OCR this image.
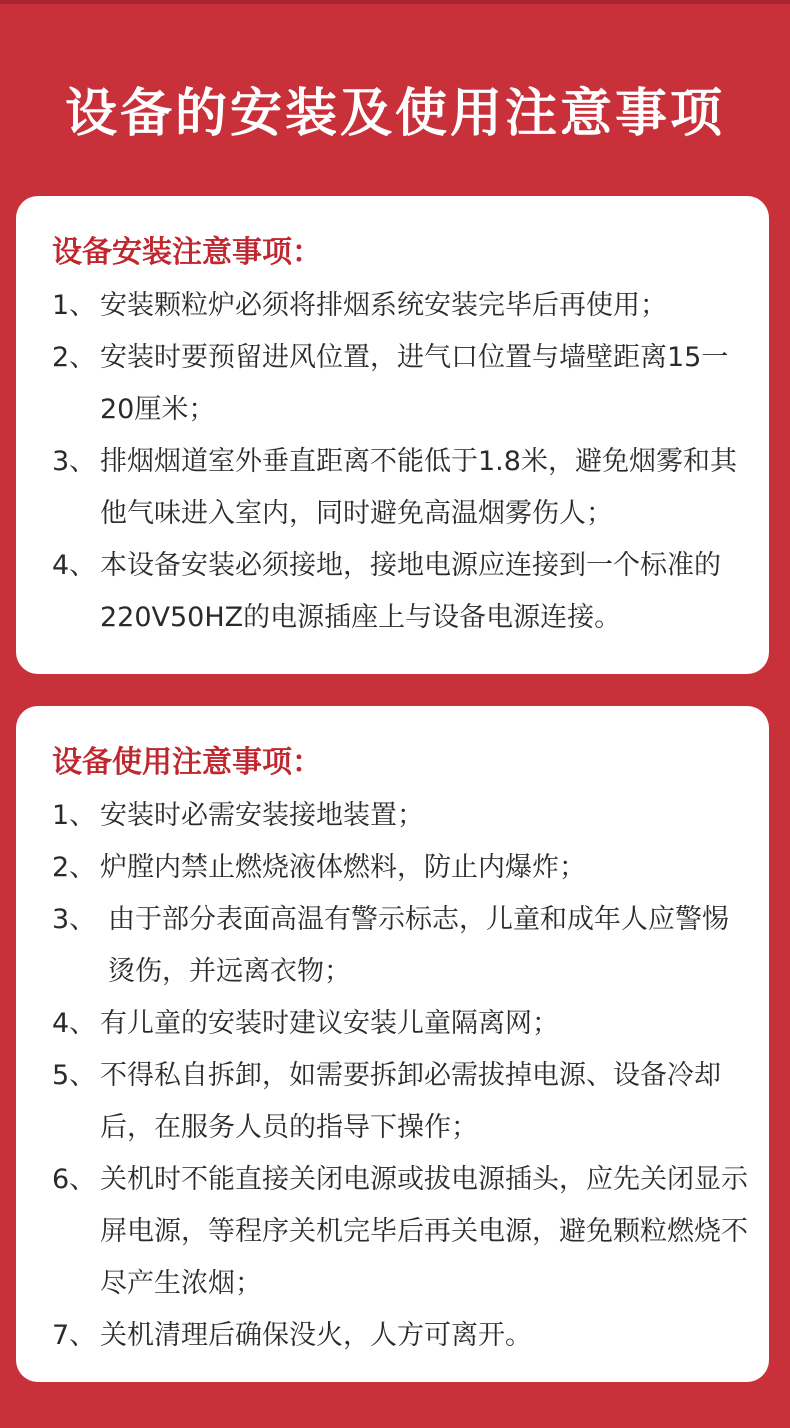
设备的安装及使用注意事项
设备安装注意事项：
1、 安装颗粒炉必须将排烟系统安装完毕后再使用；
2、 安装时要预留进风位置，进气口位置与墙壁距离15一20厘米；
3、 排烟烟道室外垂直距离不能低于1.8米，避免烟雾和其他气味进入室内，同时避免高温烟雾伤人；
4、 本设备安装必须接地，接地电源应连接到一个标准的220V50HZ的电源插座上与设备电源连接。
设备使用注意事项：
1、 安装时必需安装接地装置；
2、 炉膛内禁止燃烧液体燃料，防止内爆炸；
3、 由于部分表面高温有警示标志，儿童和成年人应警惕烫伤，并远离衣物；
4、 有儿童的安装时建议安装儿童隔离网；
5、 不得私自拆卸，如需要拆卸必需拔掉电源、设备冷却后，在服务人员的指导下操作；
6、 关机时不能直接关闭电源或拔电源插头，应先关闭显示屏电源，等程序关机完毕后再关电源，避免颗粒燃烧不尽产生浓烟；
7、 关机清理后确保没火，人方可离开。
